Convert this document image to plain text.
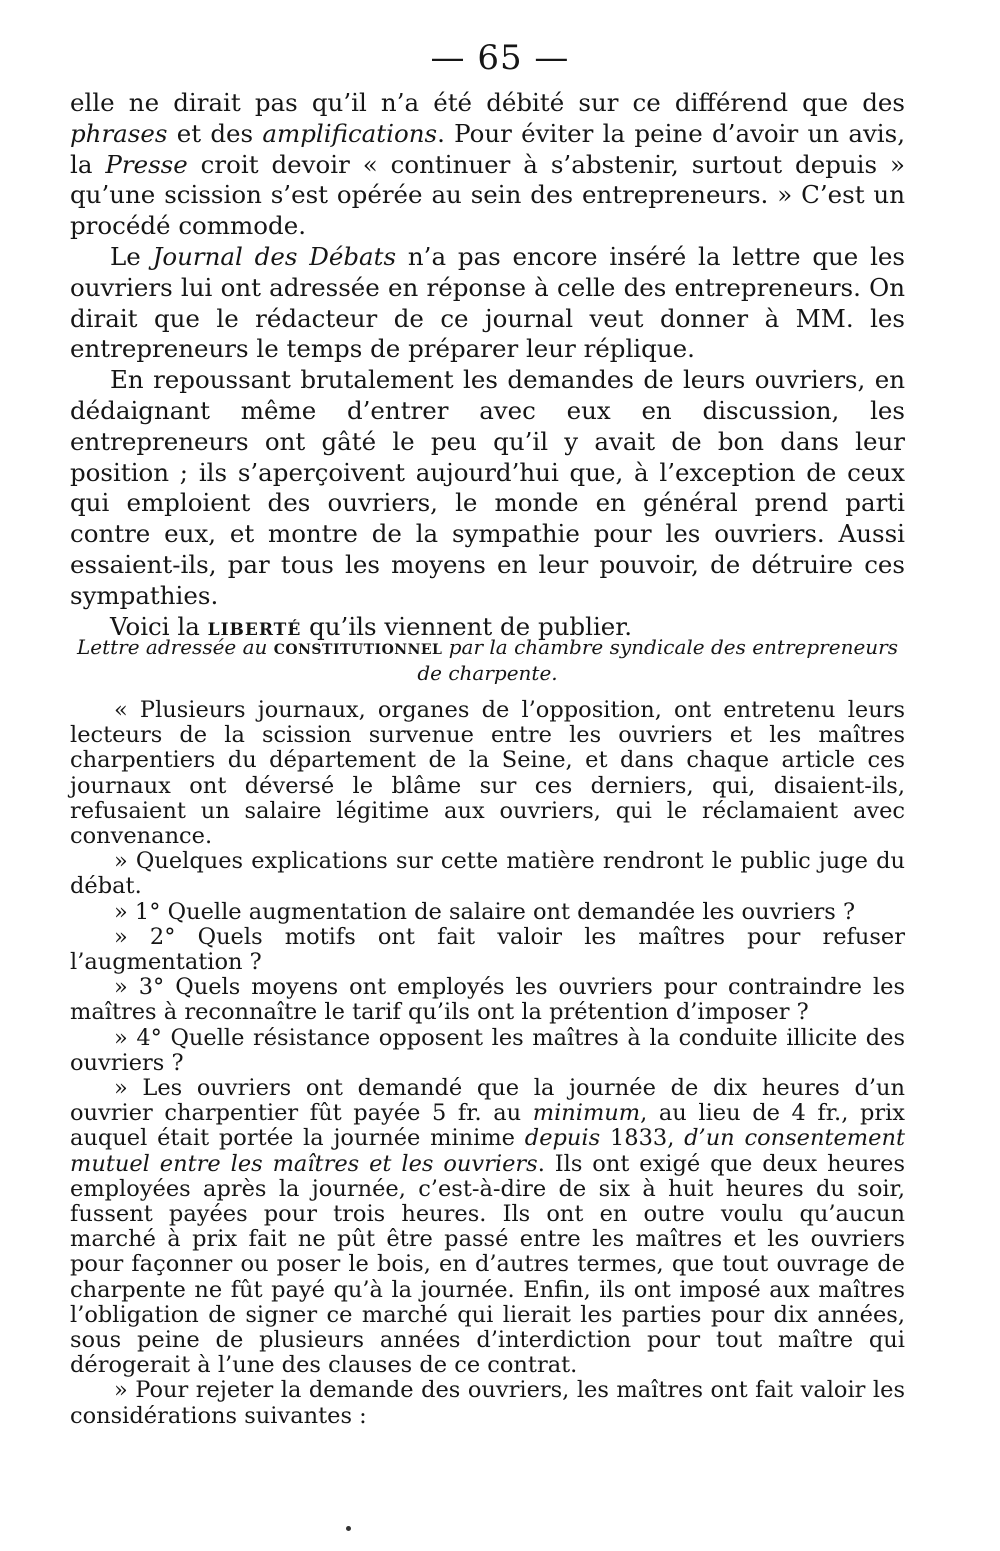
— 65 —

elle ne dirait pas qu’il n’a été débité sur ce différend que des phrases et des amplifications. Pour éviter la peine d’avoir un avis, la Presse croit devoir « continuer à s’abstenir, surtout depuis » qu’une scission s’est opérée au sein des entrepreneurs. » C’est un procédé commode.

Le Journal des Débats n’a pas encore inséré la lettre que les ouvriers lui ont adressée en réponse à celle des entrepreneurs. On dirait que le rédacteur de ce journal veut donner à MM. les entrepreneurs le temps de préparer leur réplique.

En repoussant brutalement les demandes de leurs ouvriers, en dédaignant même d’entrer avec eux en discussion, les entrepreneurs ont gâté le peu qu’il y avait de bon dans leur position ; ils s’aperçoivent aujourd’hui que, à l’exception de ceux qui emploient des ouvriers, le monde en général prend parti contre eux, et montre de la sympathie pour les ouvriers. Aussi essaient-ils, par tous les moyens en leur pouvoir, de détruire ces sympathies.

Voici la liberté qu’ils viennent de publier.

Lettre adressée au constitutionnel par la chambre syndicale des entrepreneurs de charpente.

« Plusieurs journaux, organes de l’opposition, ont entretenu leurs lecteurs de la scission survenue entre les ouvriers et les maîtres charpentiers du département de la Seine, et dans chaque article ces journaux ont déversé le blâme sur ces derniers, qui, disaient-ils, refusaient un salaire légitime aux ouvriers, qui le réclamaient avec convenance.

» Quelques explications sur cette matière rendront le public juge du débat.

» 1° Quelle augmentation de salaire ont demandée les ouvriers ?

» 2° Quels motifs ont fait valoir les maîtres pour refuser l’augmentation ?

» 3° Quels moyens ont employés les ouvriers pour contraindre les maîtres à reconnaître le tarif qu’ils ont la prétention d’imposer ?

» 4° Quelle résistance opposent les maîtres à la conduite illicite des ouvriers ?

» Les ouvriers ont demandé que la journée de dix heures d’un ouvrier charpentier fût payée 5 fr. au minimum, au lieu de 4 fr., prix auquel était portée la journée minime depuis 1833, d’un consentement mutuel entre les maîtres et les ouvriers. Ils ont exigé que deux heures employées après la journée, c’est-à-dire de six à huit heures du soir, fussent payées pour trois heures. Ils ont en outre voulu qu’aucun marché à prix fait ne pût être passé entre les maîtres et les ouvriers pour façonner ou poser le bois, en d’autres termes, que tout ouvrage de charpente ne fût payé qu’à la journée. Enfin, ils ont imposé aux maîtres l’obligation de signer ce marché qui lierait les parties pour dix années, sous peine de plusieurs années d’interdiction pour tout maître qui dérogerait à l’une des clauses de ce contrat.

» Pour rejeter la demande des ouvriers, les maîtres ont fait valoir les considérations suivantes :
